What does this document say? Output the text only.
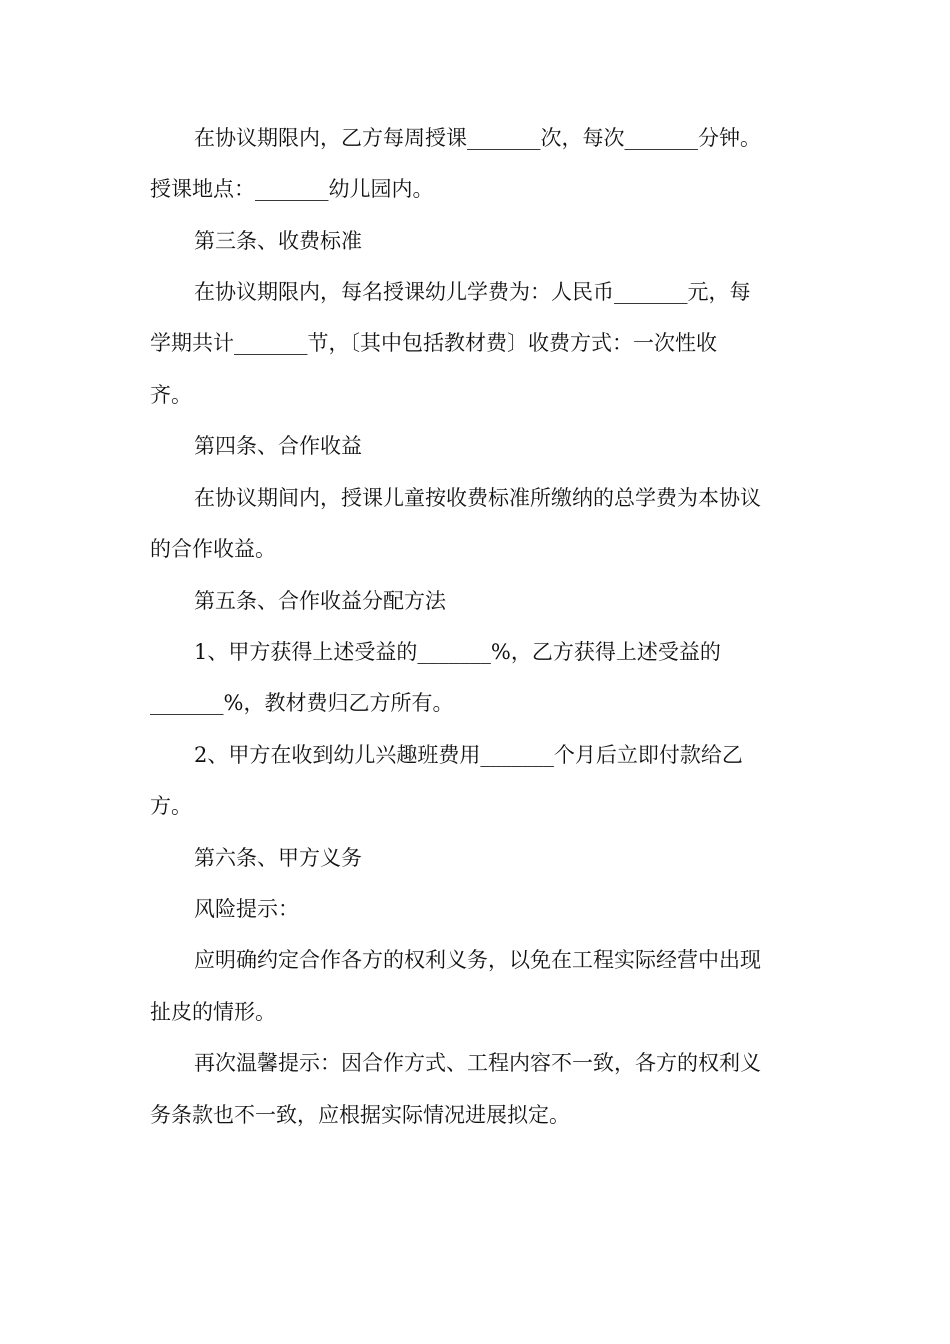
在协议期限内，乙方每周授课_______次，每次_______分钟。
授课地点：_______幼儿园内。
第三条、收费标准
在协议期限内，每名授课幼儿学费为：人民币_______元，每
学期共计_______节，〔其中包括教材费〕收费方式：一次性收
齐。
第四条、合作收益
在协议期间内，授课儿童按收费标准所缴纳的总学费为本协议
的合作收益。
第五条、合作收益分配方法
1、甲方获得上述受益的_______%，乙方获得上述受益的
_______%，教材费归乙方所有。
2、甲方在收到幼儿兴趣班费用_______个月后立即付款给乙
方。
第六条、甲方义务
风险提示：
应明确约定合作各方的权利义务，以免在工程实际经营中出现
扯皮的情形。
再次温馨提示：因合作方式、工程内容不一致，各方的权利义
务条款也不一致，应根据实际情况进展拟定。
